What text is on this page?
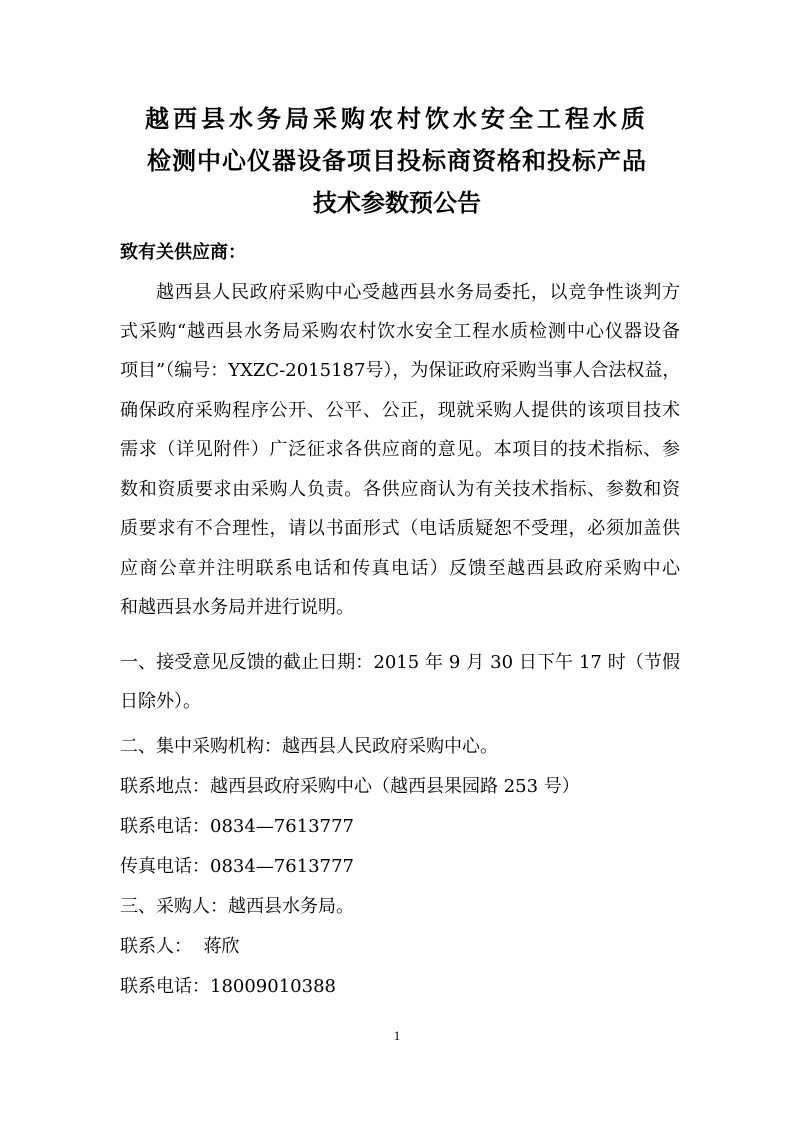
越西县水务局采购农村饮水安全工程水质
检测中心仪器设备项目投标商资格和投标产品
技术参数预公告
致有关供应商：
越西县人民政府采购中心受越西县水务局委托，以竞争性谈判方
式采购“越西县水务局采购农村饮水安全工程水质检测中心仪器设备
项目”（编号：YXZC-2015187号），为保证政府采购当事人合法权益，
确保政府采购程序公开、公平、公正，现就采购人提供的该项目技术
需求（详见附件）广泛征求各供应商的意见。本项目的技术指标、参
数和资质要求由采购人负责。各供应商认为有关技术指标、参数和资
质要求有不合理性，请以书面形式（电话质疑恕不受理，必须加盖供
应商公章并注明联系电话和传真电话）反馈至越西县政府采购中心
和越西县水务局并进行说明。
一、接受意见反馈的截止日期：2015 年 9 月 30 日下午 17 时（节假
日除外）。
二、集中采购机构：越西县人民政府采购中心。
联系地点：越西县政府采购中心（越西县果园路 253 号）
联系电话：0834—7613777
传真电话：0834—7613777
三、采购人：越西县水务局。
联系人：  蒋欣
联系电话：18009010388
1
